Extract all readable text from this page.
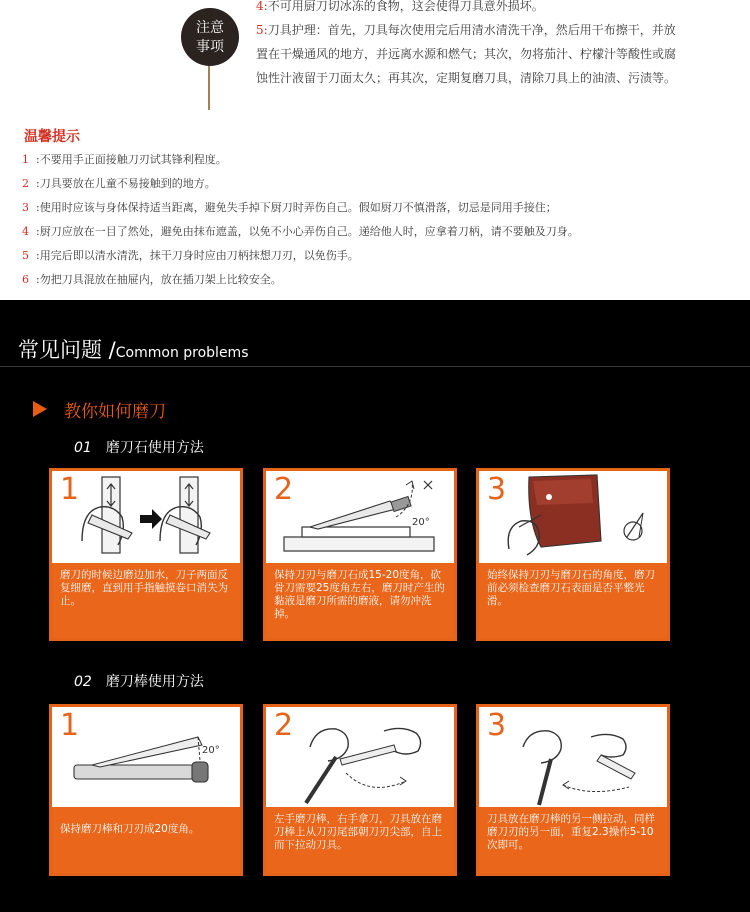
注意
事项
4:不可用厨刀切冰冻的食物，这会使得刀具意外损坏。
5:刀具护理：首先，刀具每次使用完后用清水清洗干净，然后用干布擦干，并放
置在干燥通风的地方，并远离水源和燃气；其次，勿将茄汁、柠檬汁等酸性或腐
蚀性汁液留于刀面太久；再其次，定期复磨刀具，清除刀具上的油渍、污渍等。
温馨提示
1 :不要用手正面接触刀刃试其锋利程度。
2 :刀具要放在儿童不易接触到的地方。
3 :使用时应该与身体保持适当距离，避免失手掉下厨刀时弄伤自己。假如厨刀不慎滑落，切忌是同用手接住；
4 :厨刀应放在一目了然处，避免由抹布遮盖，以免不小心弄伤自己。递给他人时，应拿着刀柄，请不要触及刀身。
5 :用完后即以清水清洗，抹干刀身时应由刀柄抹想刀刃，以免伤手。
6 :勿把刀具混放在抽屉内，放在插刀架上比较安全。
常见问题 /Common problems
教你如何磨刀
01 磨刀石使用方法
1
磨刀的时候边磨边加水，刀子两面反复细磨，直到用手指触摸卷口消失为止。
20°
2
保持刀刃与磨刀石成15-20度角，砍骨刀需要25度角左右，磨刀时产生的黏液是磨刀所需的磨液，请勿冲洗掉。
3
始终保持刀刃与磨刀石的角度，磨刀前必须检查磨刀石表面是否平整光滑。
02 磨刀棒使用方法
20°
1
保持磨刀棒和刀刃成20度角。
2
左手磨刀棒，右手拿刀，刀具放在磨刀棒上从刀刃尾部朝刀刃尖部，自上而下拉动刀具。
3
刀具放在磨刀棒的另一侧拉动，同样磨刀刃的另一面，重复2.3操作5-10次即可。
